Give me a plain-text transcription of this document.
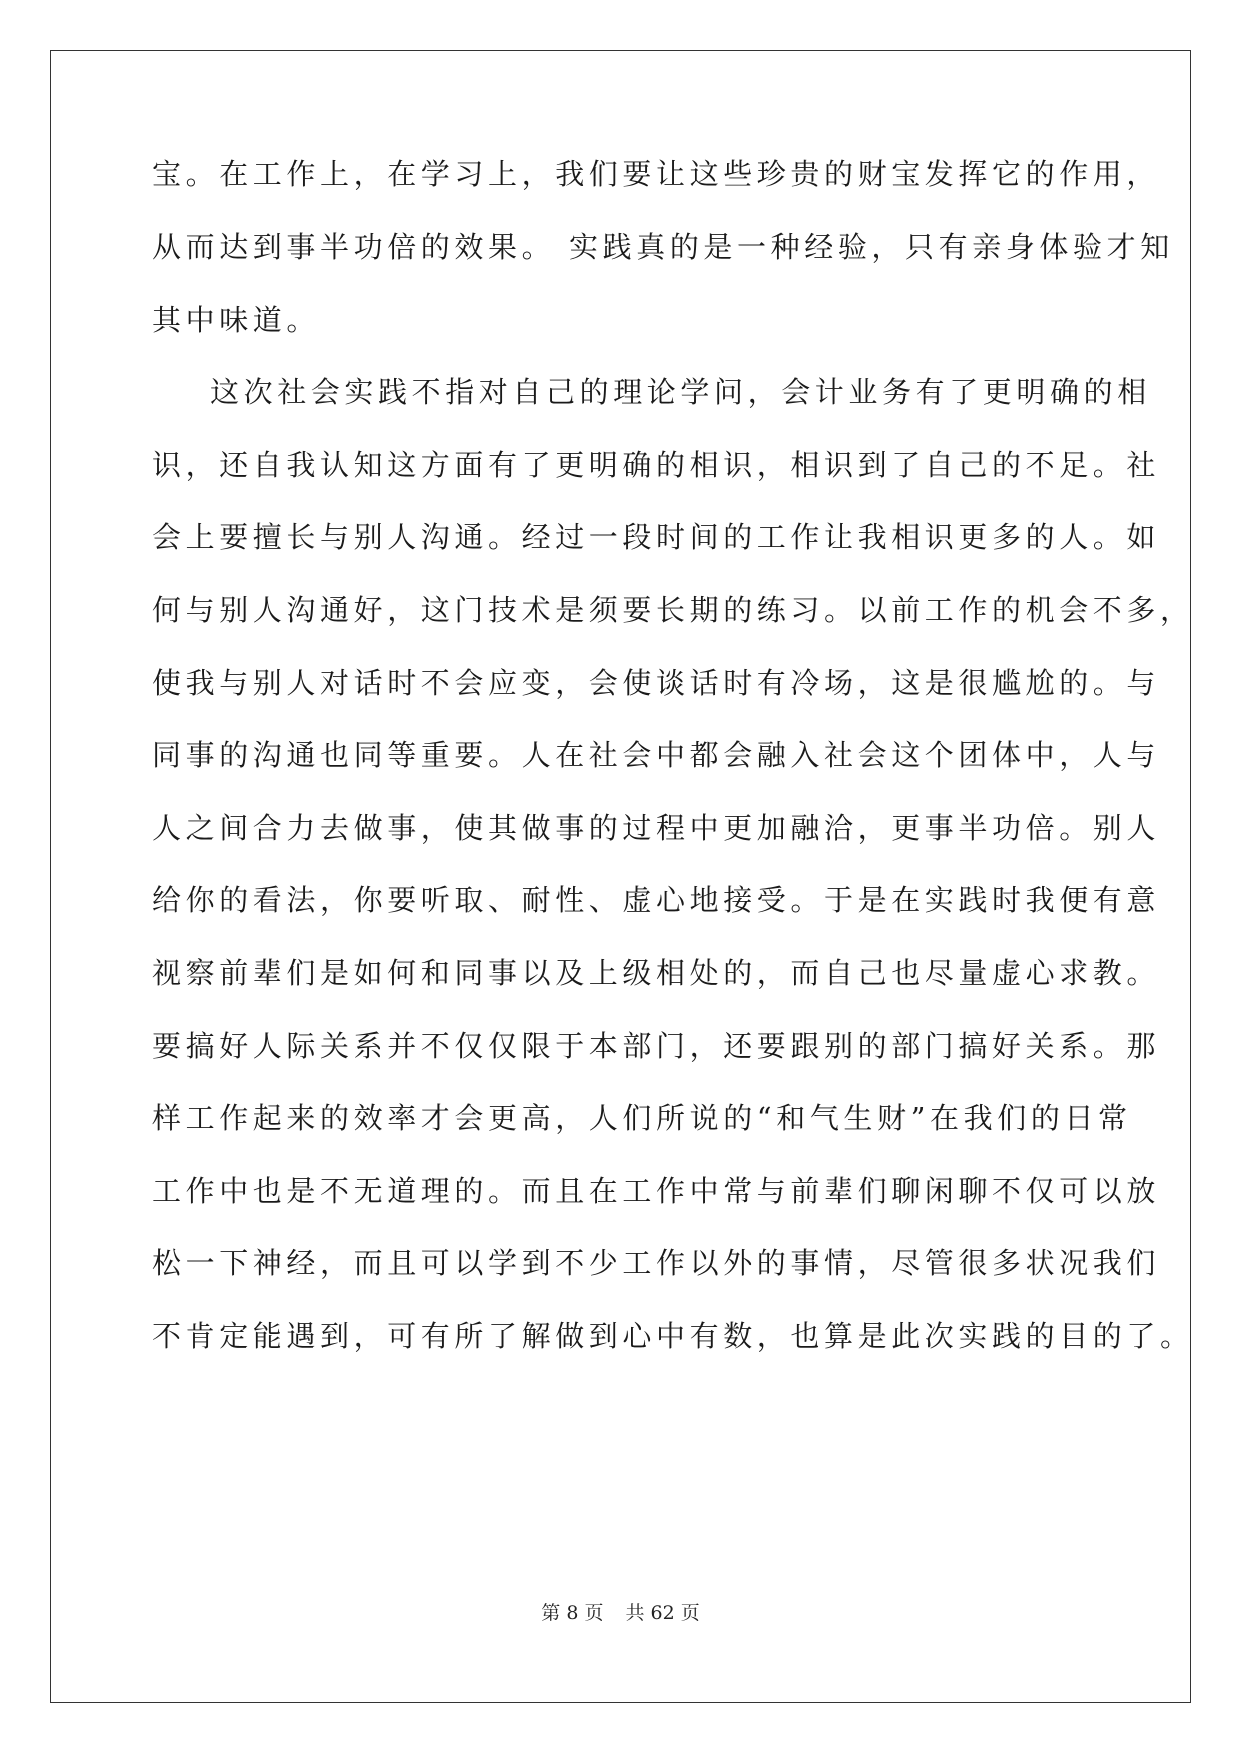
宝。在工作上，在学习上，我们要让这些珍贵的财宝发挥它的作用，
从而达到事半功倍的效果。 实践真的是一种经验，只有亲身体验才知
其中味道。
这次社会实践不指对自己的理论学问，会计业务有了更明确的相
识，还自我认知这方面有了更明确的相识，相识到了自己的不足。社
会上要擅长与别人沟通。经过一段时间的工作让我相识更多的人。如
何与别人沟通好，这门技术是须要长期的练习。以前工作的机会不多，
使我与别人对话时不会应变，会使谈话时有冷场，这是很尴尬的。与
同事的沟通也同等重要。人在社会中都会融入社会这个团体中，人与
人之间合力去做事，使其做事的过程中更加融洽，更事半功倍。别人
给你的看法，你要听取、耐性、虚心地接受。于是在实践时我便有意
视察前辈们是如何和同事以及上级相处的，而自己也尽量虚心求教。
要搞好人际关系并不仅仅限于本部门，还要跟别的部门搞好关系。那
样工作起来的效率才会更高，人们所说的“和气生财”在我们的日常
工作中也是不无道理的。而且在工作中常与前辈们聊闲聊不仅可以放
松一下神经，而且可以学到不少工作以外的事情，尽管很多状况我们
不肯定能遇到，可有所了解做到心中有数，也算是此次实践的目的了。
第 8 页 共 62 页
